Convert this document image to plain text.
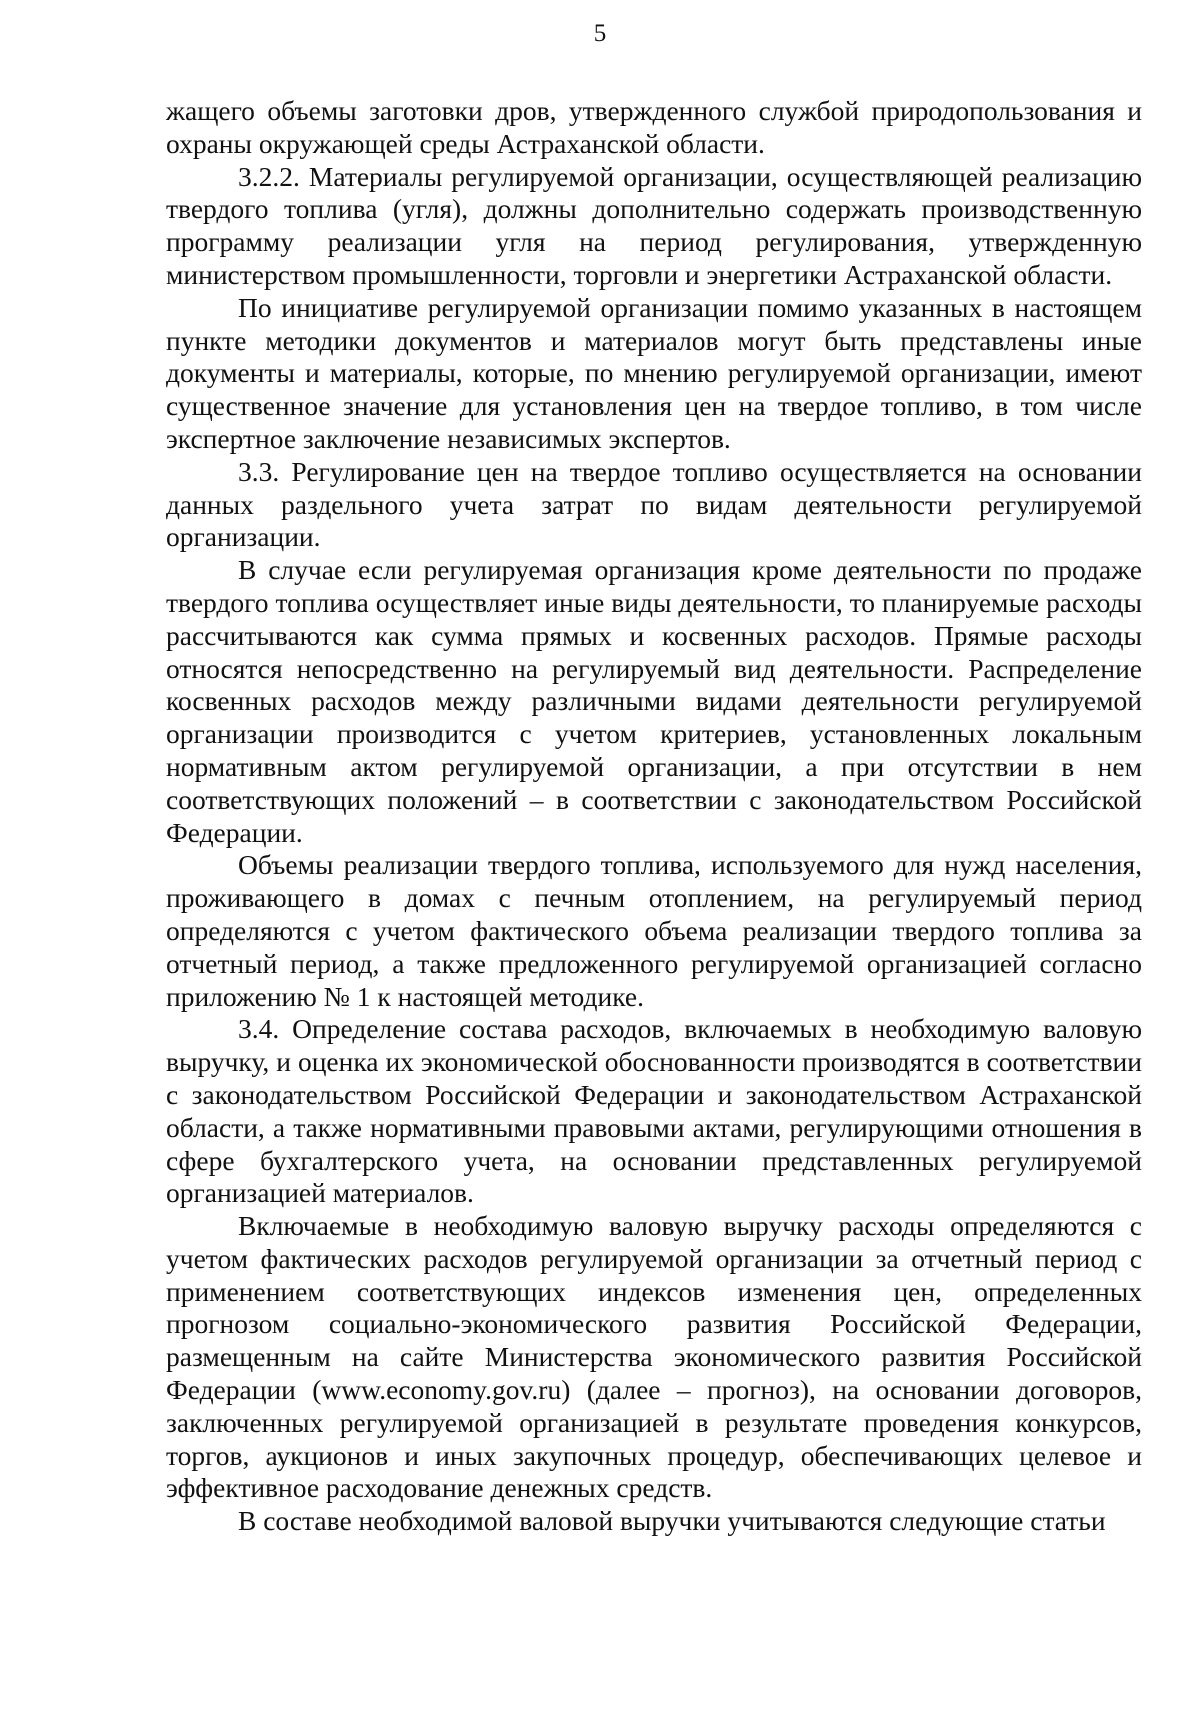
5

жащего объемы заготовки дров, утвержденного службой природопользования и охраны окружающей среды Астраханской области.

3.2.2. Материалы регулируемой организации, осуществляющей реализацию твердого топлива (угля), должны дополнительно содержать производственную программу реализации угля на период регулирования, утвержденную министерством промышленности, торговли и энергетики Астраханской области.

По инициативе регулируемой организации помимо указанных в настоящем пункте методики документов и материалов могут быть представлены иные документы и материалы, которые, по мнению регулируемой организации, имеют существенное значение для установления цен на твердое топливо, в том числе экспертное заключение независимых экспертов.

3.3. Регулирование цен на твердое топливо осуществляется на основании данных раздельного учета затрат по видам деятельности регулируемой организации.

В случае если регулируемая организация кроме деятельности по продаже твердого топлива осуществляет иные виды деятельности, то планируемые расходы рассчитываются как сумма прямых и косвенных расходов. Прямые расходы относятся непосредственно на регулируемый вид деятельности. Распределение косвенных расходов между различными видами деятельности регулируемой организации производится с учетом критериев, установленных локальным нормативным актом регулируемой организации, а при отсутствии в нем соответствующих положений – в соответствии с законодательством Российской Федерации.

Объемы реализации твердого топлива, используемого для нужд населения, проживающего в домах с печным отоплением, на регулируемый период определяются с учетом фактического объема реализации твердого топлива за отчетный период, а также предложенного регулируемой организацией согласно приложению № 1 к настоящей методике.

3.4. Определение состава расходов, включаемых в необходимую валовую выручку, и оценка их экономической обоснованности производятся в соответствии с законодательством Российской Федерации и законодательством Астраханской области, а также нормативными правовыми актами, регулирующими отношения в сфере бухгалтерского учета, на основании представленных регулируемой организацией материалов.

Включаемые в необходимую валовую выручку расходы определяются с учетом фактических расходов регулируемой организации за отчетный период с применением соответствующих индексов изменения цен, определенных прогнозом социально-экономического развития Российской Федерации, размещенным на сайте Министерства экономического развития Российской Федерации (www.economy.gov.ru) (далее – прогноз), на основании договоров, заключенных регулируемой организацией в результате проведения конкурсов, торгов, аукционов и иных закупочных процедур, обеспечивающих целевое и эффективное расходование денежных средств.

В составе необходимой валовой выручки учитываются следующие статьи
